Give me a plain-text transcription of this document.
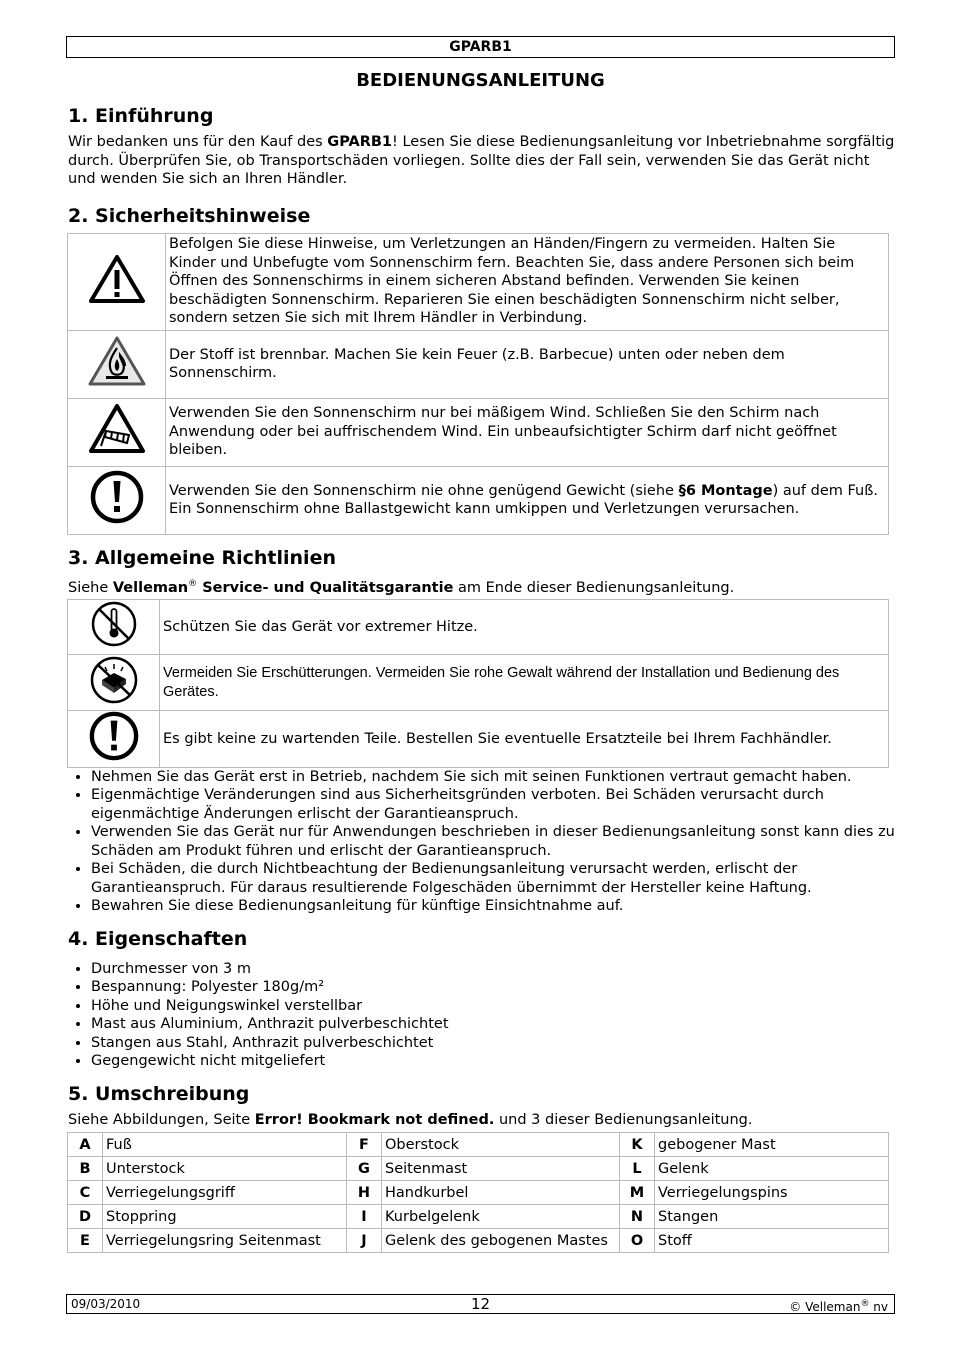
GPARB1
BEDIENUNGSANLEITUNG
1. Einführung

Wir bedanken uns für den Kauf des GPARB1! Lesen Sie diese Bedienungsanleitung vor Inbetriebnahme sorgfältig durch. Überprüfen Sie, ob Transportschäden vorliegen. Sollte dies der Fall sein, verwenden Sie das Gerät nicht und wenden Sie sich an Ihren Händler.

2. Sicherheitshinweise
	Befolgen Sie diese Hinweise, um Verletzungen an Händen/Fingern zu vermeiden. Halten Sie Kinder und Unbefugte vom Sonnenschirm fern. Beachten Sie, dass andere Personen sich beim Öffnen des Sonnenschirms in einem sicheren Abstand befinden. Verwenden Sie keinen beschädigten Sonnenschirm. Reparieren Sie einen beschädigten Sonnenschirm nicht selber, sondern setzen Sie sich mit Ihrem Händler in Verbindung.
	Der Stoff ist brennbar. Machen Sie kein Feuer (z.B. Barbecue) unten oder neben dem Sonnenschirm.
	Verwenden Sie den Sonnenschirm nur bei mäßigem Wind. Schließen Sie den Schirm nach Anwendung oder bei auffrischendem Wind. Ein unbeaufsichtigter Schirm darf nicht geöffnet bleiben.
	Verwenden Sie den Sonnenschirm nie ohne genügend Gewicht (siehe §6 Montage) auf dem Fuß. Ein Sonnenschirm ohne Ballastgewicht kann umkippen und Verletzungen verursachen.
3. Allgemeine Richtlinien

Siehe Velleman® Service- und Qualitätsgarantie am Ende dieser Bedienungsanleitung.

	Schützen Sie das Gerät vor extremer Hitze.
	Vermeiden Sie Erschütterungen. Vermeiden Sie rohe Gewalt während der Installation und Bedienung des Gerätes.
	Es gibt keine zu wartenden Teile. Bestellen Sie eventuelle Ersatzteile bei Ihrem Fachhändler.
• Nehmen Sie das Gerät erst in Betrieb, nachdem Sie sich mit seinen Funktionen vertraut gemacht haben.
• Eigenmächtige Veränderungen sind aus Sicherheitsgründen verboten. Bei Schäden verursacht durch eigenmächtige Änderungen erlischt der Garantieanspruch.
• Verwenden Sie das Gerät nur für Anwendungen beschrieben in dieser Bedienungsanleitung sonst kann dies zu Schäden am Produkt führen und erlischt der Garantieanspruch.
• Bei Schäden, die durch Nichtbeachtung der Bedienungsanleitung verursacht werden, erlischt der Garantieanspruch. Für daraus resultierende Folgeschäden übernimmt der Hersteller keine Haftung.
• Bewahren Sie diese Bedienungsanleitung für künftige Einsichtnahme auf.
4. Eigenschaften
• Durchmesser von 3 m
• Bespannung: Polyester 180g/m²
• Höhe und Neigungswinkel verstellbar
• Mast aus Aluminium, Anthrazit pulverbeschichtet
• Stangen aus Stahl, Anthrazit pulverbeschichtet
• Gegengewicht nicht mitgeliefert
5. Umschreibung

Siehe Abbildungen, Seite Error! Bookmark not defined. und 3 dieser Bedienungsanleitung.

A	Fuß	F	Oberstock	K	gebogener Mast
B	Unterstock	G	Seitenmast	L	Gelenk
C	Verriegelungsgriff	H	Handkurbel	M	Verriegelungspins
D	Stoppring	I	Kurbelgelenk	N	Stangen
E	Verriegelungsring Seitenmast	J	Gelenk des gebogenen Mastes	O	Stoff
09/03/2010	12	© Velleman® nv
